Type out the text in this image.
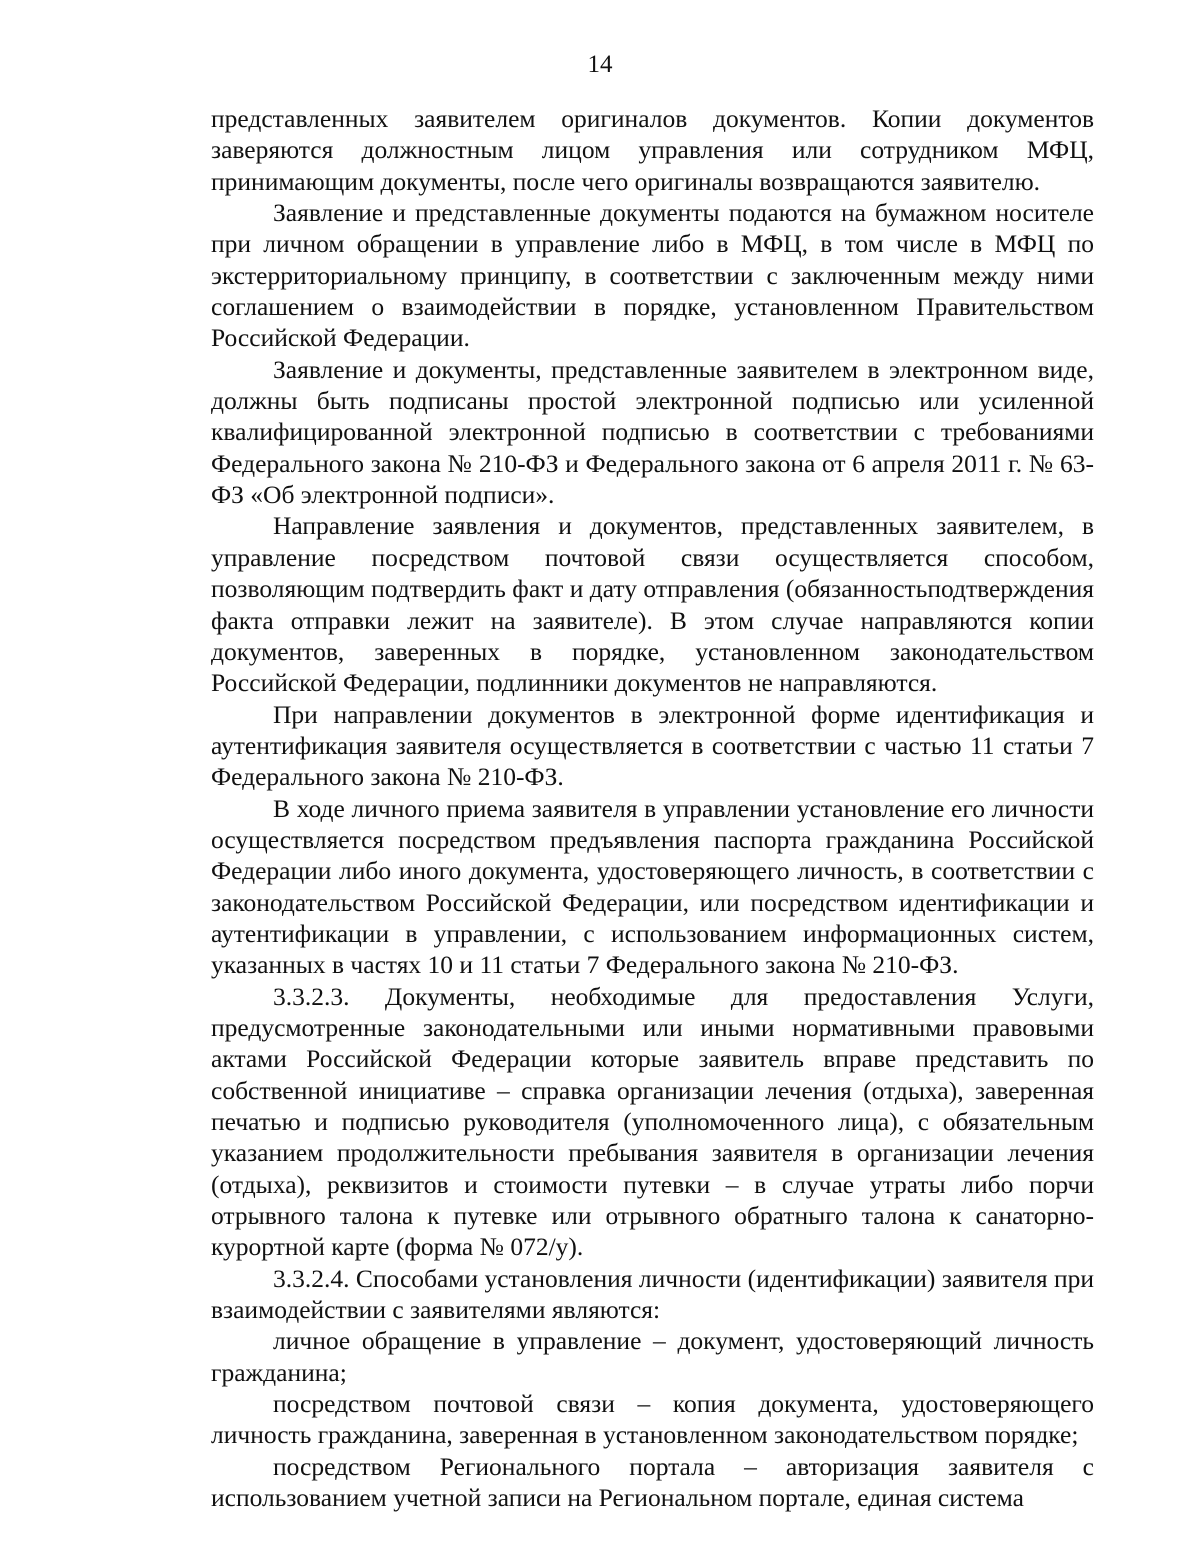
14

представленных заявителем оригиналов документов. Копии документов заверяются должностным лицом управления или сотрудником МФЦ, принимающим документы, после чего оригиналы возвращаются заявителю.

Заявление и представленные документы подаются на бумажном носителе при личном обращении в управление либо в МФЦ, в том числе в МФЦ по экстерриториальному принципу, в соответствии с заключенным между ними соглашением о взаимодействии в порядке, установленном Правительством Российской Федерации.

Заявление и документы, представленные заявителем в электронном виде, должны быть подписаны простой электронной подписью или усиленной квалифицированной электронной подписью в соответствии с требованиями Федерального закона № 210-ФЗ и Федерального закона от 6 апреля 2011 г. № 63-ФЗ «Об электронной подписи».

Направление заявления и документов, представленных заявителем, в управление посредством почтовой связи осуществляется способом, позволяющим подтвердить факт и дату отправления (обязанностьподтверждения факта отправки лежит на заявителе). В этом случае направляются копии документов, заверенных в порядке, установленном законодательством Российской Федерации, подлинники документов не направляются.

При направлении документов в электронной форме идентификация и аутентификация заявителя осуществляется в соответствии с частью 11 статьи 7 Федерального закона № 210-ФЗ.

В ходе личного приема заявителя в управлении установление его личности осуществляется посредством предъявления паспорта гражданина Российской Федерации либо иного документа, удостоверяющего личность, в соответствии с законодательством Российской Федерации, или посредством идентификации и аутентификации в управлении, с использованием информационных систем, указанных в частях 10 и 11 статьи 7 Федерального закона № 210-ФЗ.

3.3.2.3. Документы, необходимые для предоставления Услуги, предусмотренные законодательными или иными нормативными правовыми актами Российской Федерации которые заявитель вправе представить по собственной инициативе – справка организации лечения (отдыха), заверенная печатью и подписью руководителя (уполномоченного лица), с обязательным указанием продолжительности пребывания заявителя в организации лечения (отдыха), реквизитов и стоимости путевки – в случае утраты либо порчи отрывного талона к путевке или отрывного обратныго талона к санаторно-курортной карте (форма № 072/у).

3.3.2.4. Способами установления личности (идентификации) заявителя при взаимодействии с заявителями являются:

личное обращение в управление – документ, удостоверяющий личность гражданина;

посредством почтовой связи – копия документа, удостоверяющего личность гражданина, заверенная в установленном законодательством порядке;

посредством Регионального портала – авторизация заявителя с использованием учетной записи на Региональном портале, единая система
